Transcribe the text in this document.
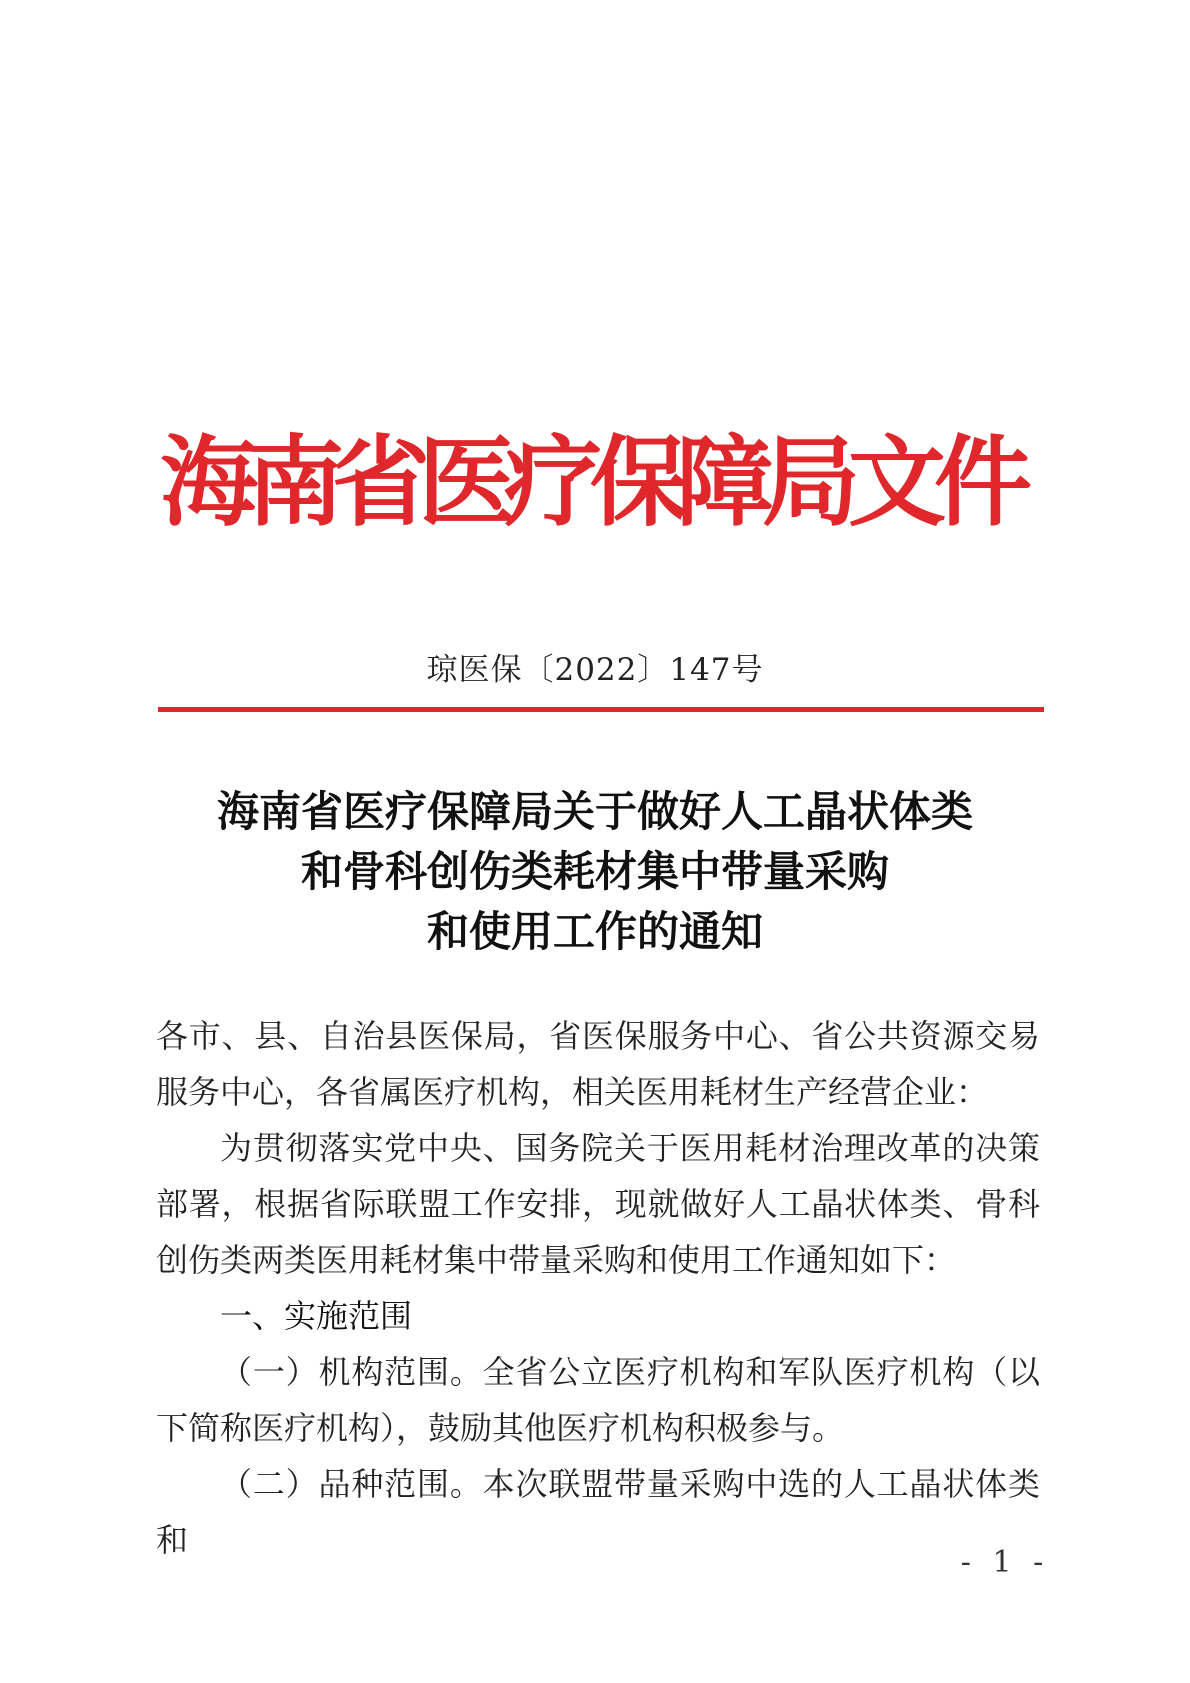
海
南
省
医
疗
保
障
局
文
件
琼医保〔2022〕147号
海南省医疗保障局关于做好人工晶状体类
和骨科创伤类耗材集中带量采购
和使用工作的通知

各市、县、自治县医保局，省医保服务中心、省公共资源交易服务中心，各省属医疗机构，相关医用耗材生产经营企业：

为贯彻落实党中央、国务院关于医用耗材治理改革的决策部署，根据省际联盟工作安排，现就做好人工晶状体类、骨科创伤类两类医用耗材集中带量采购和使用工作通知如下：

一、实施范围

（一）机构范围。全省公立医疗机构和军队医疗机构（以下简称医疗机构），鼓励其他医疗机构积极参与。

（二）品种范围。本次联盟带量采购中选的人工晶状体类和

- 1 -
